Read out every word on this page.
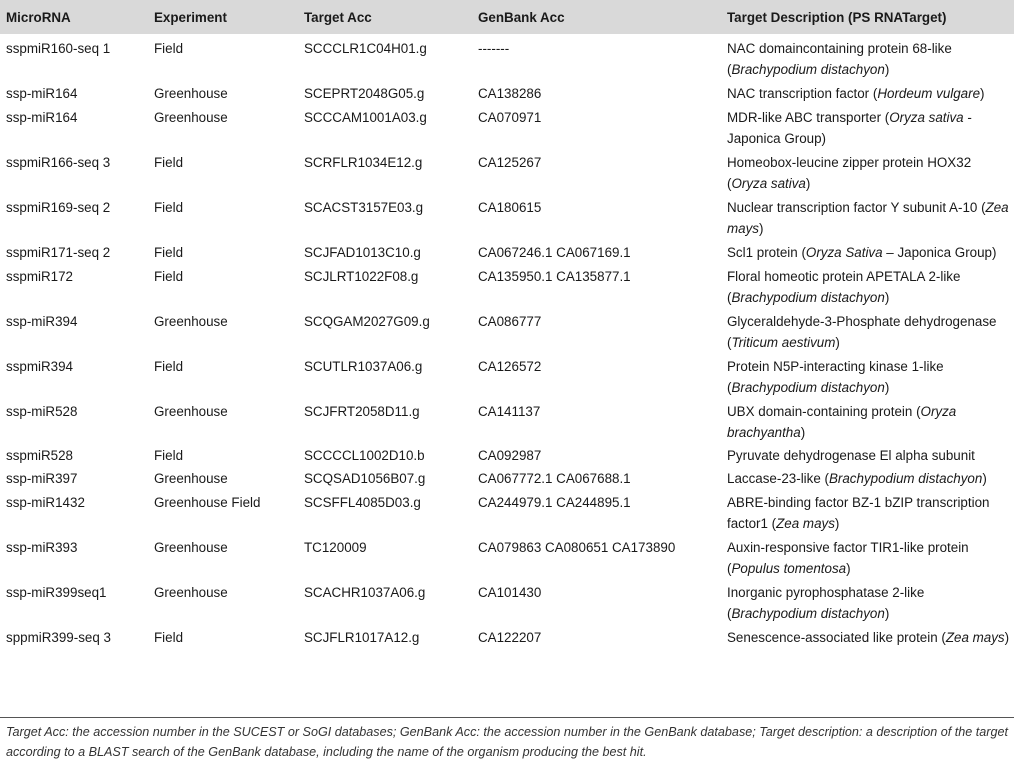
MicroRNA	Experiment	Target Acc	GenBank Acc	Target Description (PS RNATarget)
sspmiR160-seq 1	Field	SCCCLR1C04H01.g	-------	NAC domaincontaining protein 68-like (Brachypodium distachyon)
ssp-miR164	Greenhouse	SCEPRT2048G05.g	CA138286	NAC transcription factor (Hordeum vulgare)
ssp-miR164	Greenhouse	SCCCAM1001A03.g	CA070971	MDR-like ABC transporter (Oryza sativa - Japonica Group)
sspmiR166-seq 3	Field	SCRFLR1034E12.g	CA125267	Homeobox-leucine zipper protein HOX32 (Oryza sativa)
sspmiR169-seq 2	Field	SCACST3157E03.g	CA180615	Nuclear transcription factor Y subunit A-10 (Zea mays)
sspmiR171-seq 2	Field	SCJFAD1013C10.g	CA067246.1 CA067169.1	Scl1 protein (Oryza Sativa – Japonica Group)
sspmiR172	Field	SCJLRT1022F08.g	CA135950.1 CA135877.1	Floral homeotic protein APETALA 2-like (Brachypodium distachyon)
ssp-miR394	Greenhouse	SCQGAM2027G09.g	CA086777	Glyceraldehyde-3-Phosphate dehydrogenase (Triticum aestivum)
sspmiR394	Field	SCUTLR1037A06.g	CA126572	Protein N5P-interacting kinase 1-like (Brachypodium distachyon)
ssp-miR528	Greenhouse	SCJFRT2058D11.g	CA141137	UBX domain-containing protein (Oryza brachyantha)
sspmiR528	Field	SCCCCL1002D10.b	CA092987	Pyruvate dehydrogenase El alpha subunit
ssp-miR397	Greenhouse	SCQSAD1056B07.g	CA067772.1 CA067688.1	Laccase-23-like (Brachypodium distachyon)
ssp-miR1432	Greenhouse Field	SCSFFL4085D03.g	CA244979.1 CA244895.1	ABRE-binding factor BZ-1 bZIP transcription factor1 (Zea mays)
ssp-miR393	Greenhouse	TC120009	CA079863 CA080651 CA173890	Auxin-responsive factor TIR1-like protein (Populus tomentosa)
ssp-miR399seq1	Greenhouse	SCACHR1037A06.g	CA101430	Inorganic pyrophosphatase 2-like (Brachypodium distachyon)
sppmiR399-seq 3	Field	SCJFLR1017A12.g	CA122207	Senescence-associated like protein (Zea mays)
Target Acc: the accession number in the SUCEST or SoGI databases; GenBank Acc: the accession number in the GenBank database; Target description: a description of the target according to a BLAST search of the GenBank database, including the name of the organism producing the best hit.
